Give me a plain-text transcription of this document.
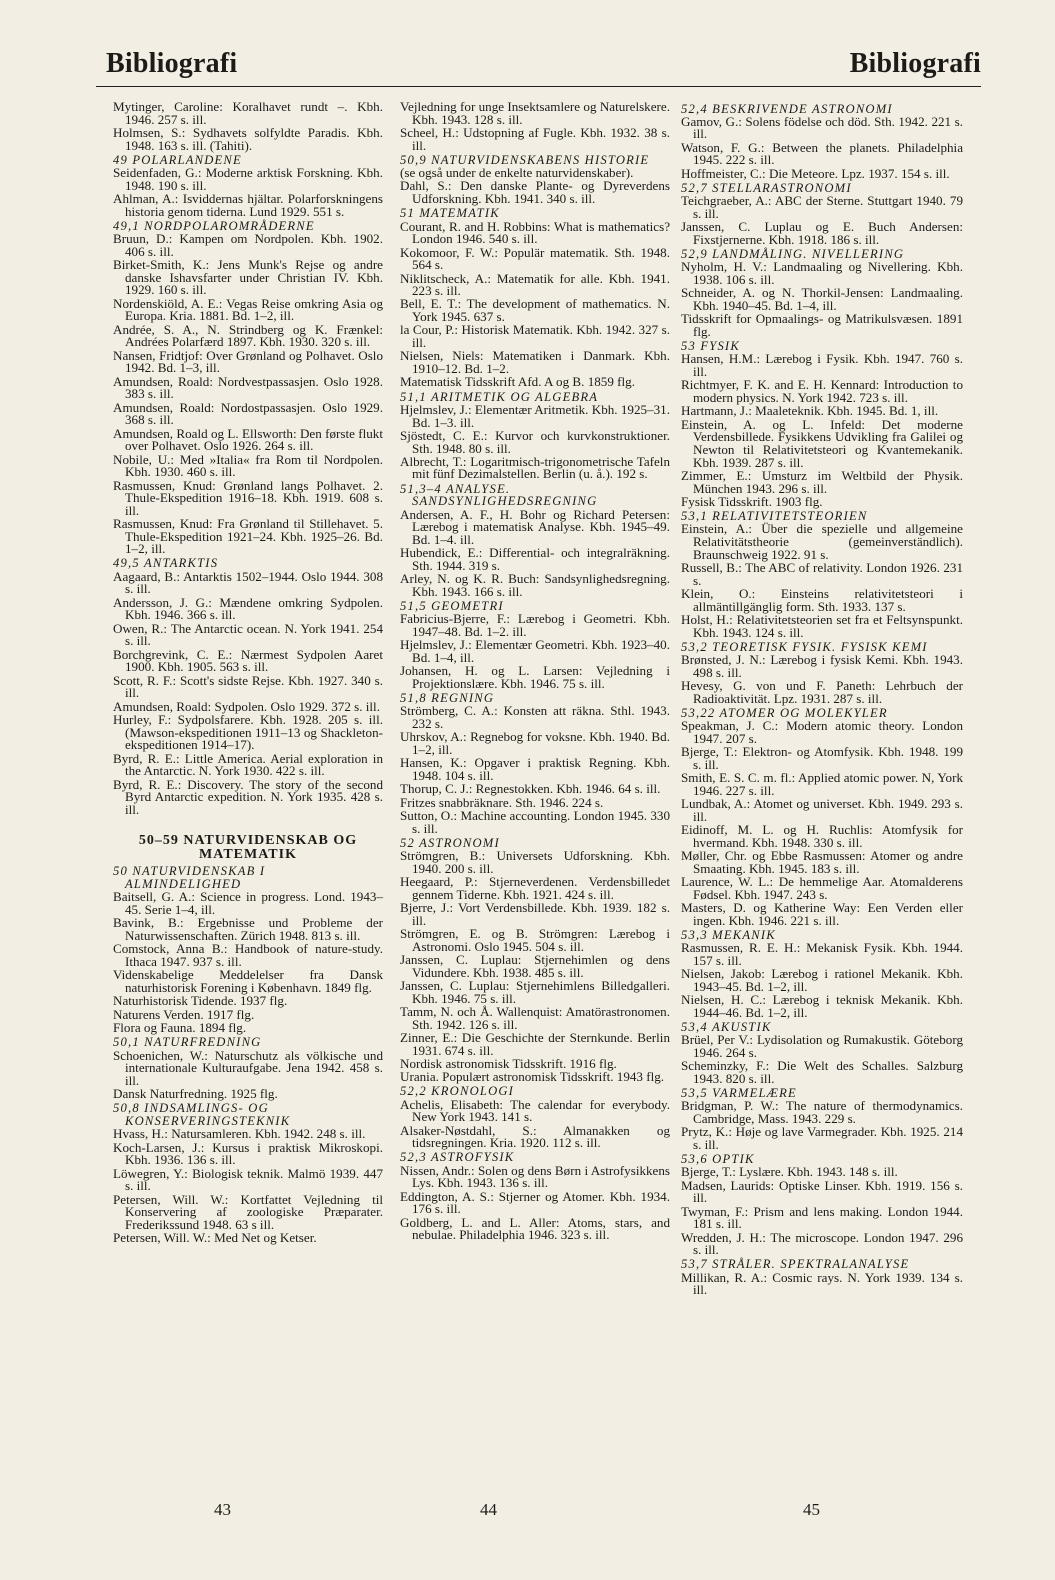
Bibliografi	Bibliografi
Mytinger, Caroline: Koralhavet rundt –. Kbh. 1946. 257 s. ill.
Holmsen, S.: Sydhavets solfyldte Paradis. Kbh. 1948. 163 s. ill. (Tahiti).
49 POLARLANDENE
Seidenfaden, G.: Moderne arktisk Forskning. Kbh. 1948. 190 s. ill.
Ahlman, A.: Isviddernas hjältar. Polarforskningens historia genom tiderna. Lund 1929. 551 s.
49,1 NORDPOLAROMRÅDERNE
Bruun, D.: Kampen om Nordpolen. Kbh. 1902. 406 s. ill.
Birket-Smith, K.: Jens Munk's Rejse og andre danske Ishavsfarter under Christian IV. Kbh. 1929. 160 s. ill.
Nordenskiöld, A. E.: Vegas Reise omkring Asia og Europa. Kria. 1881. Bd. 1–2, ill.
Andrée, S. A., N. Strindberg og K. Frænkel: Andrées Polarfærd 1897. Kbh. 1930. 320 s. ill.
Nansen, Fridtjof: Over Grønland og Polhavet. Oslo 1942. Bd. 1–3, ill.
Amundsen, Roald: Nordvestpassasjen. Oslo 1928. 383 s. ill.
Amundsen, Roald: Nordostpassasjen. Oslo 1929. 368 s. ill.
Amundsen, Roald og L. Ellsworth: Den første flukt over Polhavet. Oslo 1926. 264 s. ill.
Nobile, U.: Med »Italia« fra Rom til Nordpolen. Kbh. 1930. 460 s. ill.
Rasmussen, Knud: Grønland langs Polhavet. 2. Thule-Ekspedition 1916–18. Kbh. 1919. 608 s. ill.
Rasmussen, Knud: Fra Grønland til Stillehavet. 5. Thule-Ekspedition 1921–24. Kbh. 1925–26. Bd. 1–2, ill.
49,5 ANTARKTIS
Aagaard, B.: Antarktis 1502–1944. Oslo 1944. 308 s. ill.
Andersson, J. G.: Mændene omkring Sydpolen. Kbh. 1946. 366 s. ill.
Owen, R.: The Antarctic ocean. N. York 1941. 254 s. ill.
Borchgrevink, C. E.: Nærmest Sydpolen Aaret 1900. Kbh. 1905. 563 s. ill.
Scott, R. F.: Scott's sidste Rejse. Kbh. 1927. 340 s. ill.
Amundsen, Roald: Sydpolen. Oslo 1929. 372 s. ill.
Hurley, F.: Sydpolsfarere. Kbh. 1928. 205 s. ill. (Mawson-ekspeditionen 1911–13 og Shackleton-ekspeditionen 1914–17).
Byrd, R. E.: Little America. Aerial exploration in the Antarctic. N. York 1930. 422 s. ill.
Byrd, R. E.: Discovery. The story of the second Byrd Antarctic expedition. N. York 1935. 428 s. ill.
50–59 NATURVIDENSKAB OG MATEMATIK
50 NATURVIDENSKAB I ALMINDELIGHED
Baitsell, G. A.: Science in progress. Lond. 1943–45. Serie 1–4, ill.
Bavink, B.: Ergebnisse und Probleme der Naturwissenschaften. Zürich 1948. 813 s. ill.
Comstock, Anna B.: Handbook of nature-study. Ithaca 1947. 937 s. ill.
Videnskabelige Meddelelser fra Dansk naturhistorisk Forening i København. 1849 flg.
Naturhistorisk Tidende. 1937 flg.
Naturens Verden. 1917 flg.
Flora og Fauna. 1894 flg.
50,1 NATURFREDNING
Schoenichen, W.: Naturschutz als völkische und internationale Kulturaufgabe. Jena 1942. 458 s. ill.
Dansk Naturfredning. 1925 flg.
50,8 INDSAMLINGS- OG KONSERVERINGSTEKNIK
Hvass, H.: Natursamleren. Kbh. 1942. 248 s. ill.
Koch-Larsen, J.: Kursus i praktisk Mikroskopi. Kbh. 1936. 136 s. ill.
Löwegren, Y.: Biologisk teknik. Malmö 1939. 447 s. ill.
Petersen, Will. W.: Kortfattet Vejledning til Konservering af zoologiske Præparater. Frederikssund 1948. 63 s ill.
Petersen, Will. W.: Med Net og Ketser.
Vejledning for unge Insektsamlere og Naturelskere. Kbh. 1943. 128 s. ill.
Scheel, H.: Udstopning af Fugle. Kbh. 1932. 38 s. ill.
50,9 NATURVIDENSKABENS HISTORIE
(se også under de enkelte naturvidenskaber).
Dahl, S.: Den danske Plante- og Dyreverdens Udforskning. Kbh. 1941. 340 s. ill.
51 MATEMATIK
Courant, R. and H. Robbins: What is mathematics? London 1946. 540 s. ill.
Kokomoor, F. W.: Populär matematik. Sth. 1948. 564 s.
Niklitscheck, A.: Matematik for alle. Kbh. 1941. 223 s. ill.
Bell, E. T.: The development of mathematics. N. York 1945. 637 s.
la Cour, P.: Historisk Matematik. Kbh. 1942. 327 s. ill.
Nielsen, Niels: Matematiken i Danmark. Kbh. 1910–12. Bd. 1–2.
Matematisk Tidsskrift Afd. A og B. 1859 flg.
51,1 ARITMETIK OG ALGEBRA
Hjelmslev, J.: Elementær Aritmetik. Kbh. 1925–31. Bd. 1–3. ill.
Sjöstedt, C. E.: Kurvor och kurvkonstruktioner. Sth. 1948. 80 s. ill.
Albrecht, T.: Logaritmisch-trigonometrische Tafeln mit fünf Dezimalstellen. Berlin (u. å.). 192 s.
51,3–4 ANALYSE. SANDSYNLIGHEDSREGNING
Andersen, A. F., H. Bohr og Richard Petersen: Lærebog i matematisk Analyse. Kbh. 1945–49. Bd. 1–4. ill.
Hubendick, E.: Differential- och integralräkning. Sth. 1944. 319 s.
Arley, N. og K. R. Buch: Sandsynlighedsregning. Kbh. 1943. 166 s. ill.
51,5 GEOMETRI
Fabricius-Bjerre, F.: Lærebog i Geometri. Kbh. 1947–48. Bd. 1–2. ill.
Hjelmslev, J.: Elementær Geometri. Kbh. 1923–40. Bd. 1–4, ill.
Johansen, H. og L. Larsen: Vejledning i Projektionslære. Kbh. 1946. 75 s. ill.
51,8 REGNING
Strömberg, C. A.: Konsten att räkna. Sthl. 1943. 232 s.
Uhrskov, A.: Regnebog for voksne. Kbh. 1940. Bd. 1–2, ill.
Hansen, K.: Opgaver i praktisk Regning. Kbh. 1948. 104 s. ill.
Thorup, C. J.: Regnestokken. Kbh. 1946. 64 s. ill.
Fritzes snabbräknare. Sth. 1946. 224 s.
Sutton, O.: Machine accounting. London 1945. 330 s. ill.
52 ASTRONOMI
Strömgren, B.: Universets Udforskning. Kbh. 1940. 200 s. ill.
Heegaard, P.: Stjerneverdenen. Verdensbilledet gennem Tiderne. Kbh. 1921. 424 s. ill.
Bjerre, J.: Vort Verdensbillede. Kbh. 1939. 182 s. ill.
Strömgren, E. og B. Strömgren: Lærebog i Astronomi. Oslo 1945. 504 s. ill.
Janssen, C. Luplau: Stjernehimlen og dens Vidundere. Kbh. 1938. 485 s. ill.
Janssen, C. Luplau: Stjernehimlens Billedgalleri. Kbh. 1946. 75 s. ill.
Tamm, N. och Å. Wallenquist: Amatörastronomen. Sth. 1942. 126 s. ill.
Zinner, E.: Die Geschichte der Sternkunde. Berlin 1931. 674 s. ill.
Nordisk astronomisk Tidsskrift. 1916 flg.
Urania. Populært astronomisk Tidsskrift. 1943 flg.
52,2 KRONOLOGI
Achelis, Elisabeth: The calendar for everybody. New York 1943. 141 s.
Alsaker-Nøstdahl, S.: Almanakken og tidsregningen. Kria. 1920. 112 s. ill.
52,3 ASTROFYSIK
Nissen, Andr.: Solen og dens Børn i Astrofysikkens Lys. Kbh. 1943. 136 s. ill.
Eddington, A. S.: Stjerner og Atomer. Kbh. 1934. 176 s. ill.
Goldberg, L. and L. Aller: Atoms, stars, and nebulae. Philadelphia 1946. 323 s. ill.
52,4 BESKRIVENDE ASTRONOMI
Gamov, G.: Solens födelse och död. Sth. 1942. 221 s. ill.
Watson, F. G.: Between the planets. Philadelphia 1945. 222 s. ill.
Hoffmeister, C.: Die Meteore. Lpz. 1937. 154 s. ill.
52,7 STELLARASTRONOMI
Teichgraeber, A.: ABC der Sterne. Stuttgart 1940. 79 s. ill.
Janssen, C. Luplau og E. Buch Andersen: Fixstjernerne. Kbh. 1918. 186 s. ill.
52,9 LANDMÅLING. NIVELLERING
Nyholm, H. V.: Landmaaling og Nivellering. Kbh. 1938. 106 s. ill.
Schneider, A. og N. Thorkil-Jensen: Landmaaling. Kbh. 1940–45. Bd. 1–4, ill.
Tidsskrift for Opmaalings- og Matrikulsvæsen. 1891 flg.
53 FYSIK
Hansen, H.M.: Lærebog i Fysik. Kbh. 1947. 760 s. ill.
Richtmyer, F. K. and E. H. Kennard: Introduction to modern physics. N. York 1942. 723 s. ill.
Hartmann, J.: Maaleteknik. Kbh. 1945. Bd. 1, ill.
Einstein, A. og L. Infeld: Det moderne Verdensbillede. Fysikkens Udvikling fra Galilei og Newton til Relativitetsteori og Kvantemekanik. Kbh. 1939. 287 s. ill.
Zimmer, E.: Umsturz im Weltbild der Physik. München 1943. 296 s. ill.
Fysisk Tidsskrift. 1903 flg.
53,1 RELATIVITETSTEORIEN
Einstein, A.: Über die spezielle und allgemeine Relativitätstheorie (gemeinverständlich). Braunschweig 1922. 91 s.
Russell, B.: The ABC of relativity. London 1926. 231 s.
Klein, O.: Einsteins relativitetsteori i allmäntillgänglig form. Sth. 1933. 137 s.
Holst, H.: Relativitetsteorien set fra et Feltsynspunkt. Kbh. 1943. 124 s. ill.
53,2 TEORETISK FYSIK. FYSISK KEMI
Brønsted, J. N.: Lærebog i fysisk Kemi. Kbh. 1943. 498 s. ill.
Hevesy, G. von und F. Paneth: Lehrbuch der Radioaktivität. Lpz. 1931. 287 s. ill.
53,22 ATOMER OG MOLEKYLER
Speakman, J. C.: Modern atomic theory. London 1947. 207 s.
Bjerge, T.: Elektron- og Atomfysik. Kbh. 1948. 199 s. ill.
Smith, E. S. C. m. fl.: Applied atomic power. N, York 1946. 227 s. ill.
Lundbak, A.: Atomet og universet. Kbh. 1949. 293 s. ill.
Eidinoff, M. L. og H. Ruchlis: Atomfysik for hvermand. Kbh. 1948. 330 s. ill.
Møller, Chr. og Ebbe Rasmussen: Atomer og andre Smaating. Kbh. 1945. 183 s. ill.
Laurence, W. L.: De hemmelige Aar. Atomalderens Fødsel. Kbh. 1947. 243 s.
Masters, D. og Katherine Way: Een Verden eller ingen. Kbh. 1946. 221 s. ill.
53,3 MEKANIK
Rasmussen, R. E. H.: Mekanisk Fysik. Kbh. 1944. 157 s. ill.
Nielsen, Jakob: Lærebog i rationel Mekanik. Kbh. 1943–45. Bd. 1–2, ill.
Nielsen, H. C.: Lærebog i teknisk Mekanik. Kbh. 1944–46. Bd. 1–2, ill.
53,4 AKUSTIK
Brüel, Per V.: Lydisolation og Rumakustik. Göteborg 1946. 264 s.
Scheminzky, F.: Die Welt des Schalles. Salzburg 1943. 820 s. ill.
53,5 VARMELÆRE
Bridgman, P. W.: The nature of thermodynamics. Cambridge, Mass. 1943. 229 s.
Prytz, K.: Høje og lave Varmegrader. Kbh. 1925. 214 s. ill.
53,6 OPTIK
Bjerge, T.: Lyslære. Kbh. 1943. 148 s. ill.
Madsen, Laurids: Optiske Linser. Kbh. 1919. 156 s. ill.
Twyman, F.: Prism and lens making. London 1944. 181 s. ill.
Wredden, J. H.: The microscope. London 1947. 296 s. ill.
53,7 STRÅLER. SPEKTRALANALYSE
Millikan, R. A.: Cosmic rays. N. York 1939. 134 s. ill.
43	44	45
